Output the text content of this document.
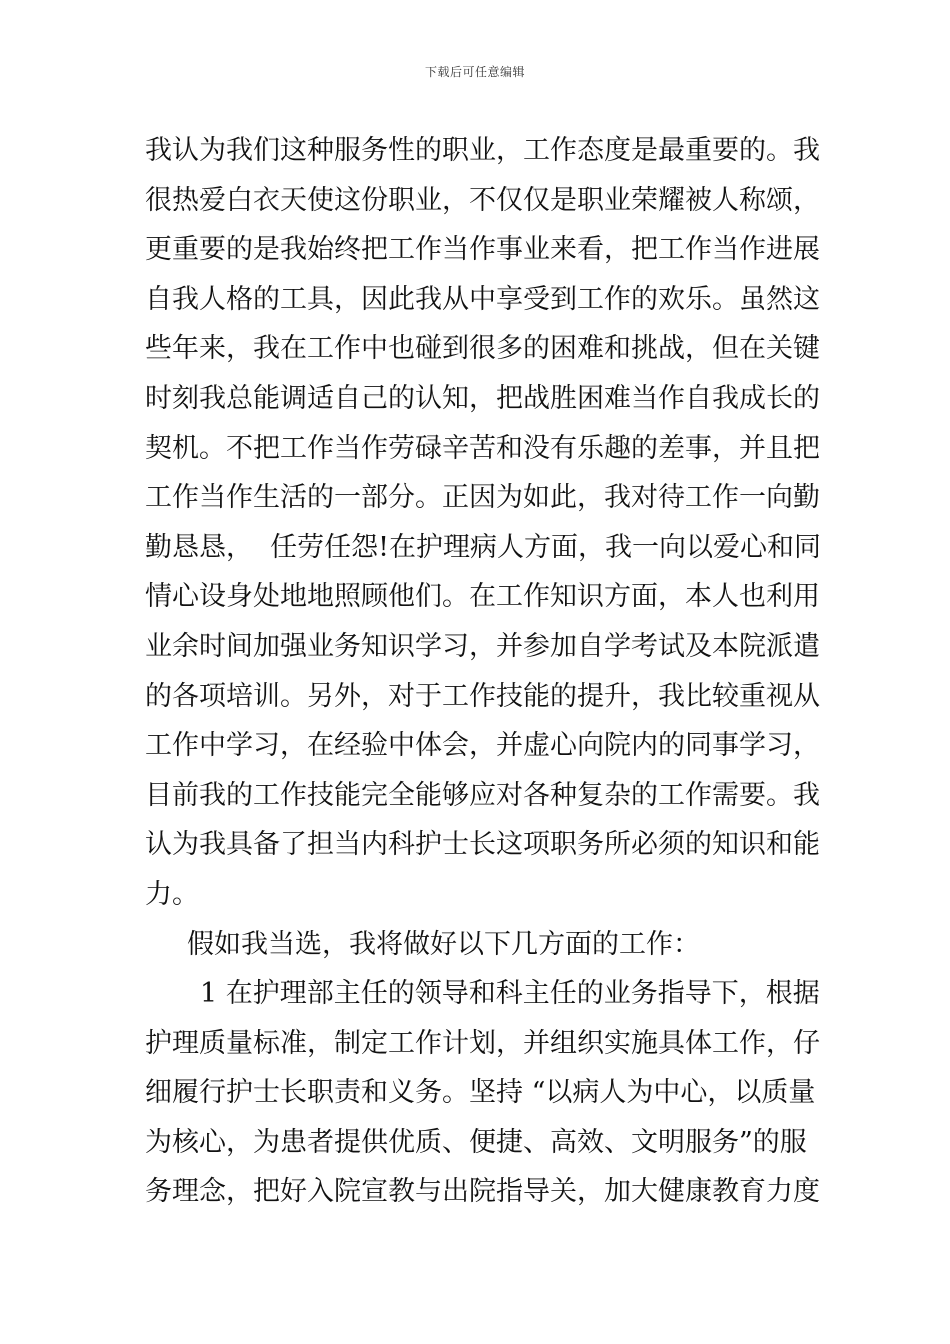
下载后可任意编辑
我认为我们这种服务性的职业，工作态度是最重要的。我
很热爱白衣天使这份职业，不仅仅是职业荣耀被人称颂，
更重要的是我始终把工作当作事业来看，把工作当作进展
自我人格的工具，因此我从中享受到工作的欢乐。虽然这
些年来，我在工作中也碰到很多的困难和挑战，但在关键
时刻我总能调适自己的认知，把战胜困难当作自我成长的
契机。不把工作当作劳碌辛苦和没有乐趣的差事，并且把
工作当作生活的一部分。正因为如此，我对待工作一向勤
勤恳恳，  任劳任怨!在护理病人方面，我一向以爱心和同
情心设身处地地照顾他们。在工作知识方面，本人也利用
业余时间加强业务知识学习，并参加自学考试及本院派遣
的各项培训。另外，对于工作技能的提升，我比较重视从
工作中学习，在经验中体会，并虚心向院内的同事学习，
目前我的工作技能完全能够应对各种复杂的工作需要。我
认为我具备了担当内科护士长这项职务所必须的知识和能
力。
假如我当选，我将做好以下几方面的工作：
1 在护理部主任的领导和科主任的业务指导下，根据
护理质量标准，制定工作计划，并组织实施具体工作，仔
细履行护士长职责和义务。坚持 “以病人为中心，以质量
为核心，为患者提供优质、便捷、高效、文明服务”的服
务理念，把好入院宣教与出院指导关，加大健康教育力度
